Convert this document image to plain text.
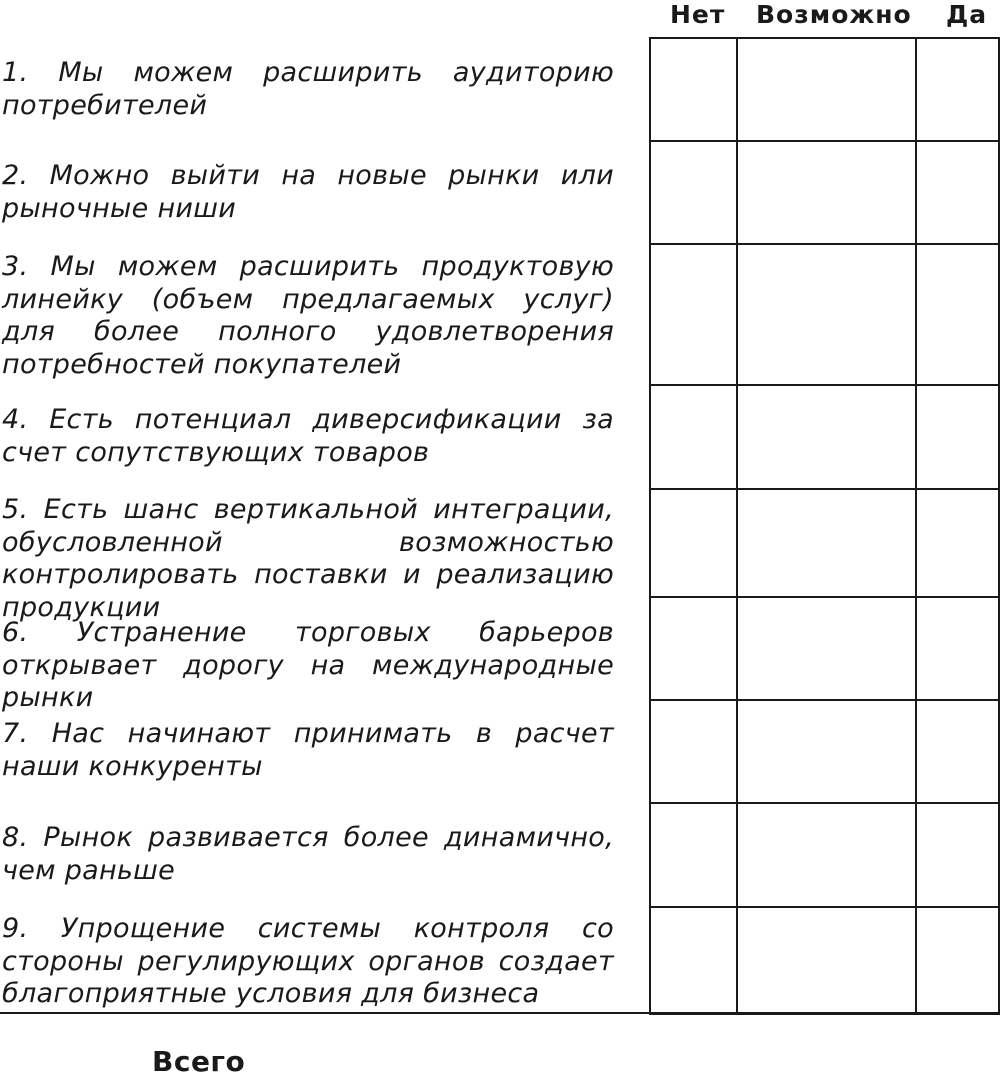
Нет Возможно Да

1. Мы можем расширить аудиторию потребителей

2. Можно выйти на новые рынки или рыночные ниши

3. Мы можем расширить продуктовую линейку (объем предлагаемых услуг) для более полного удовлетворения потребностей покупателей

4. Есть потенциал диверсификации за счет сопутствующих товаров

5. Есть шанс вертикальной интеграции, обусловленной возможностью контролировать поставки и реализацию продукции

6. Устранение торговых барьеров открывает дорогу на международные рынки

7. Нас начинают принимать в расчет наши конкуренты

8. Рынок развивается более динамично, чем раньше

9. Упрощение системы контроля со стороны регулирующих органов создает благоприятные условия для бизнеса

Всего
